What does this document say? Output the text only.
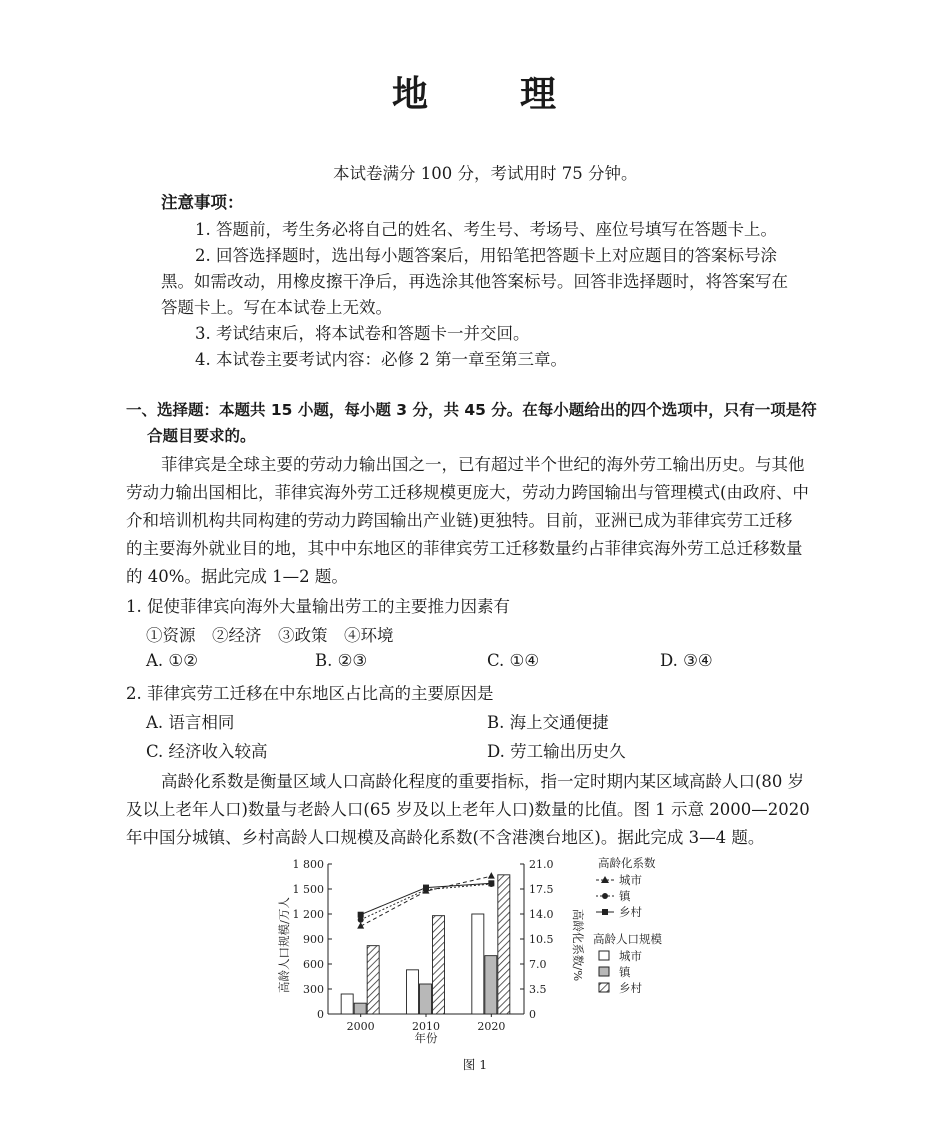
地	理
本试卷满分 100 分，考试用时 75 分钟。
注意事项：
1. 答题前，考生务必将自己的姓名、考生号、考场号、座位号填写在答题卡上。
2. 回答选择题时，选出每小题答案后，用铅笔把答题卡上对应题目的答案标号涂
黑。如需改动，用橡皮擦干净后，再选涂其他答案标号。回答非选择题时，将答案写在
答题卡上。写在本试卷上无效。
3. 考试结束后，将本试卷和答题卡一并交回。
4. 本试卷主要考试内容：必修 2 第一章至第三章。
一、选择题：本题共 15 小题，每小题 3 分，共 45 分。在每小题给出的四个选项中，只有一项是符
合题目要求的。
菲律宾是全球主要的劳动力输出国之一，已有超过半个世纪的海外劳工输出历史。与其他
劳动力输出国相比，菲律宾海外劳工迁移规模更庞大，劳动力跨国输出与管理模式(由政府、中
介和培训机构共同构建的劳动力跨国输出产业链)更独特。目前，亚洲已成为菲律宾劳工迁移
的主要海外就业目的地，其中中东地区的菲律宾劳工迁移数量约占菲律宾海外劳工总迁移数量
的 40%。据此完成 1—2 题。
1. 促使菲律宾向海外大量输出劳工的主要推力因素有
①资源　②经济　③政策　④环境
A. ①②	B. ②③	C. ①④	D. ③④
2. 菲律宾劳工迁移在中东地区占比高的主要原因是
A. 语言相同	B. 海上交通便捷
C. 经济收入较高	D. 劳工输出历史久
高龄化系数是衡量区域人口高龄化程度的重要指标，指一定时期内某区域高龄人口(80 岁
及以上老年人口)数量与老龄人口(65 岁及以上老年人口)数量的比值。图 1 示意 2000—2020
年中国分城镇、乡村高龄人口规模及高龄化系数(不含港澳台地区)。据此完成 3—4 题。
高龄人口规模/万人	高龄化系数/%
0
300
600
900
1 200
1 500
1 800
0
3.5
7.0
10.5
14.0
17.5
21.0
2000	2010	2020
年份
高龄化系数
城市
镇
乡村
高龄人口规模
城市
镇
乡村
图 1
